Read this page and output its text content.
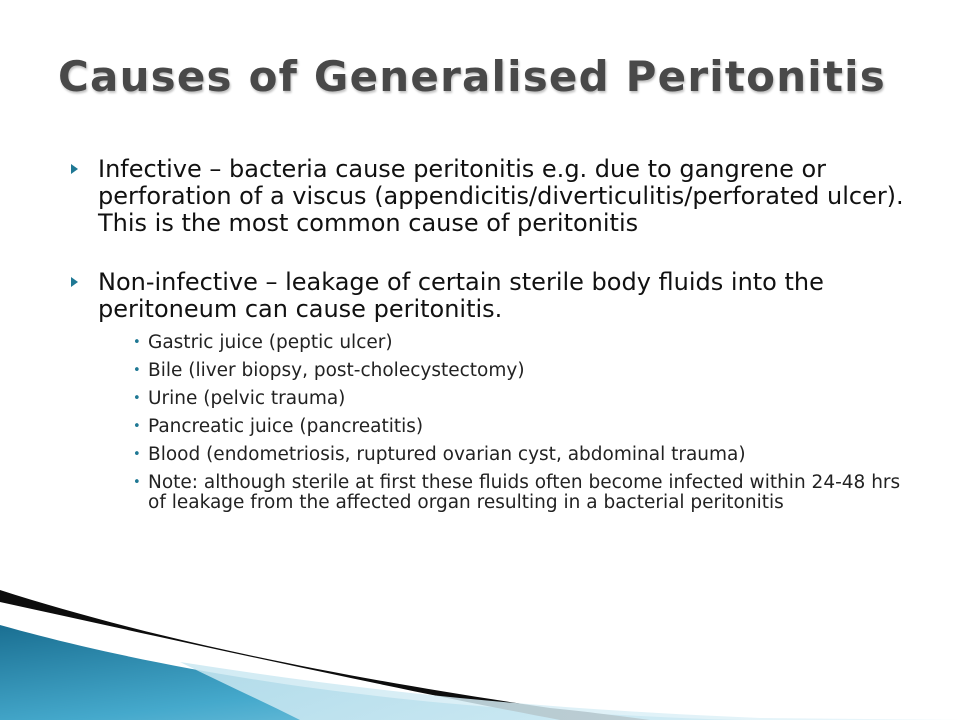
Causes of Generalised Peritonitis
Infective – bacteria cause peritonitis e.g. due to gangrene or perforation of a viscus (appendicitis/diverticulitis/perforated ulcer). This is the most common cause of peritonitis
Non-infective – leakage of certain sterile body fluids into the peritoneum can cause peritonitis.
• Gastric juice (peptic ulcer)
• Bile (liver biopsy, post-cholecystectomy)
• Urine (pelvic trauma)
• Pancreatic juice (pancreatitis)
• Blood (endometriosis, ruptured ovarian cyst, abdominal trauma)
• Note: although sterile at first these fluids often become infected within 24-48 hrs of leakage from the affected organ resulting in a bacterial peritonitis
